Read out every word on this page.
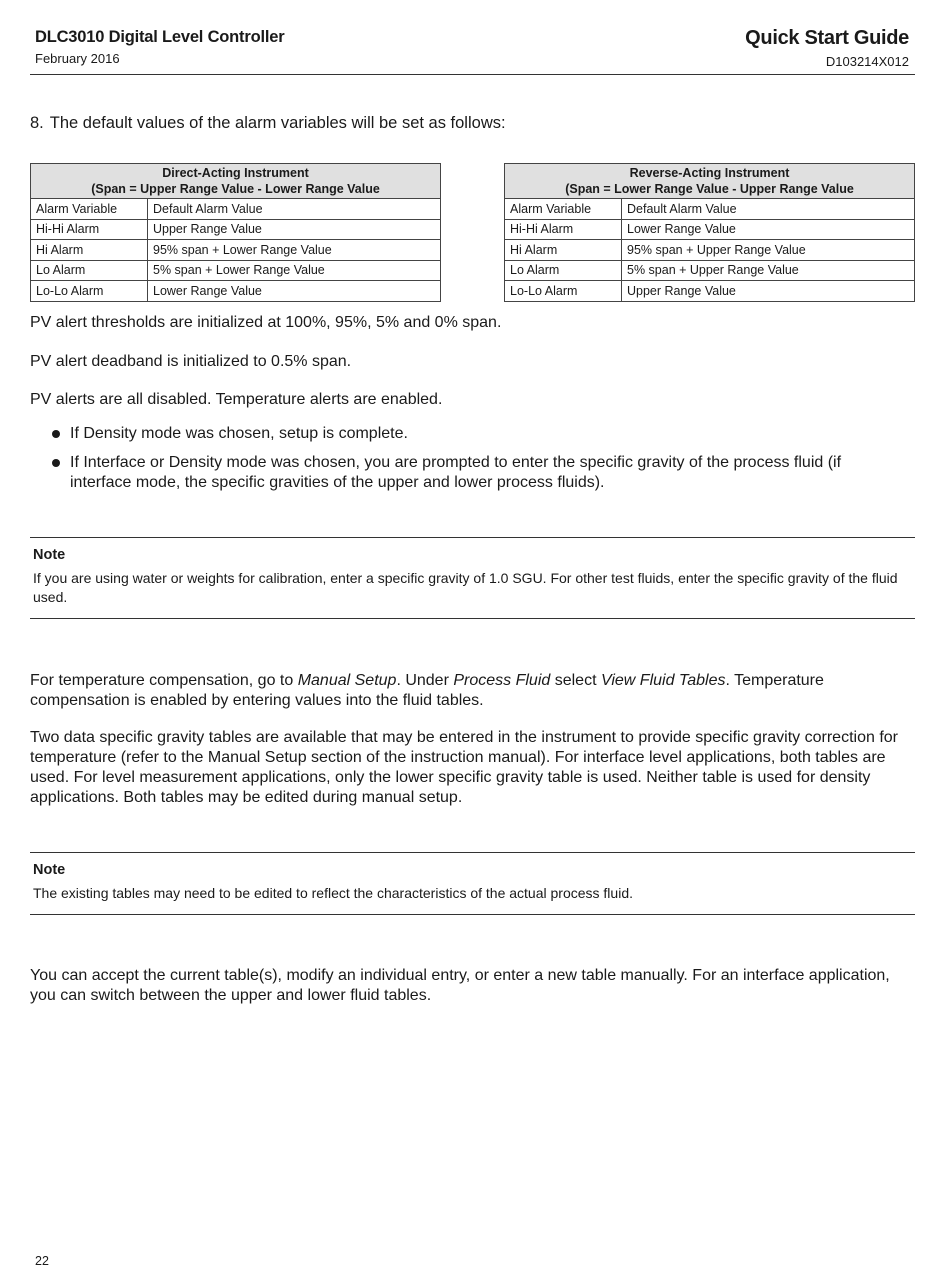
DLC3010 Digital Level Controller
February 2016
Quick Start Guide
D103214X012
8. The default values of the alarm variables will be set as follows:
Direct-Acting Instrument
(Span = Upper Range Value - Lower Range Value	
Alarm Variable	Default Alarm Value
Hi-Hi Alarm	Upper Range Value
Hi Alarm	95% span + Lower Range Value
Lo Alarm	5% span + Lower Range Value
Lo-Lo Alarm	Lower Range Value
Reverse-Acting Instrument
(Span = Lower Range Value - Upper Range Value	
Alarm Variable	Default Alarm Value
Hi-Hi Alarm	Lower Range Value
Hi Alarm	95% span + Upper Range Value
Lo Alarm	5% span + Upper Range Value
Lo-Lo Alarm	Upper Range Value

PV alert thresholds are initialized at 100%, 95%, 5% and 0% span.

PV alert deadband is initialized to 0.5% span.

PV alerts are all disabled. Temperature alerts are enabled.

If Density mode was chosen, setup is complete.
If Interface or Density mode was chosen, you are prompted to enter the specific gravity of the process fluid (if interface mode, the specific gravities of the upper and lower process fluids).
Note
If you are using water or weights for calibration, enter a specific gravity of 1.0 SGU. For other test fluids, enter the specific gravity of the fluid used.

For temperature compensation, go to Manual Setup. Under Process Fluid select View Fluid Tables. Temperature compensation is enabled by entering values into the fluid tables.

Two data specific gravity tables are available that may be entered in the instrument to provide specific gravity correction for temperature (refer to the Manual Setup section of the instruction manual). For interface level applications, both tables are used. For level measurement applications, only the lower specific gravity table is used. Neither table is used for density applications. Both tables may be edited during manual setup.

Note
The existing tables may need to be edited to reflect the characteristics of the actual process fluid.

You can accept the current table(s), modify an individual entry, or enter a new table manually. For an interface application, you can switch between the upper and lower fluid tables.

22
